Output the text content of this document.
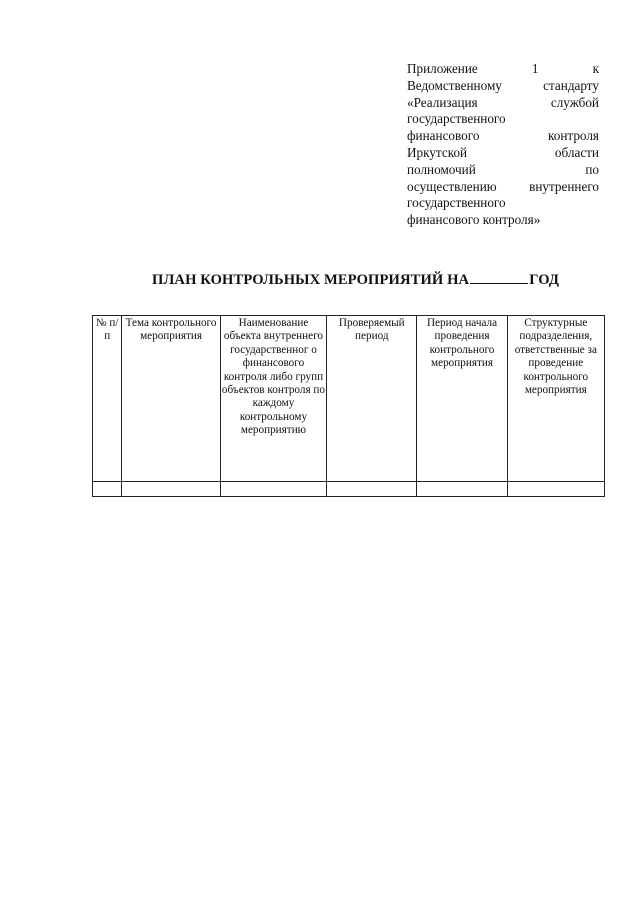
Приложение 1 к
Ведомственному стандарту
«Реализация службой
государственного
финансового контроля
Иркутской области
полномочий по
осуществлению внутреннего
государственного
финансового контроля»
ПЛАН КОНТРОЛЬНЫХ МЕРОПРИЯТИЙ НА	ГОД
№ п/п	Тема контрольного мероприятия	Наименование объекта внутреннего государственног о финансового контроля либо групп объектов контроля по каждому контрольному мероприятию	Проверяемый период	Период начала проведения контрольного мероприятия	Структурные подразделения, ответственные за проведение контрольного мероприятия
